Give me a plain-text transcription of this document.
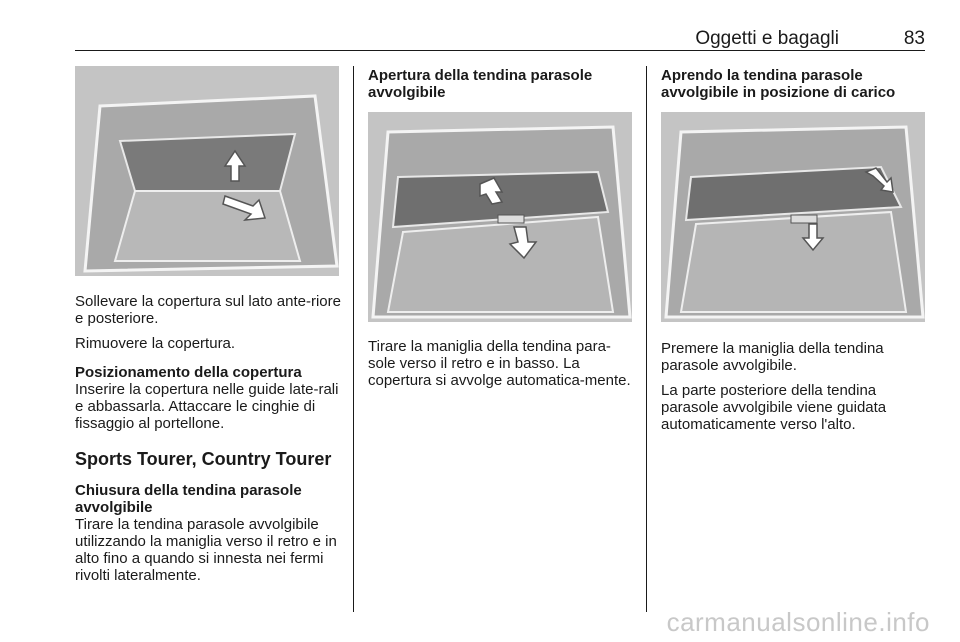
Oggetti e bagagli	83

Sollevare la copertura sul lato ante-riore e posteriore.

Rimuovere la copertura.

Posizionamento della copertura

Inserire la copertura nelle guide late-rali e abbassarla. Attaccare le cinghie di fissaggio al portellone.

Sports Tourer, Country Tourer
Chiusura della tendina parasole avvolgibile

Tirare la tendina parasole avvolgibile utilizzando la maniglia verso il retro e in alto fino a quando si innesta nei fermi rivolti lateralmente.

Apertura della tendina parasole avvolgibile

Tirare la maniglia della tendina para-sole verso il retro e in basso. La copertura si avvolge automatica-mente.

Aprendo la tendina parasole avvolgibile in posizione di carico

Premere la maniglia della tendina parasole avvolgibile.

La parte posteriore della tendina parasole avvolgibile viene guidata automaticamente verso l'alto.

carmanualsonline.info
